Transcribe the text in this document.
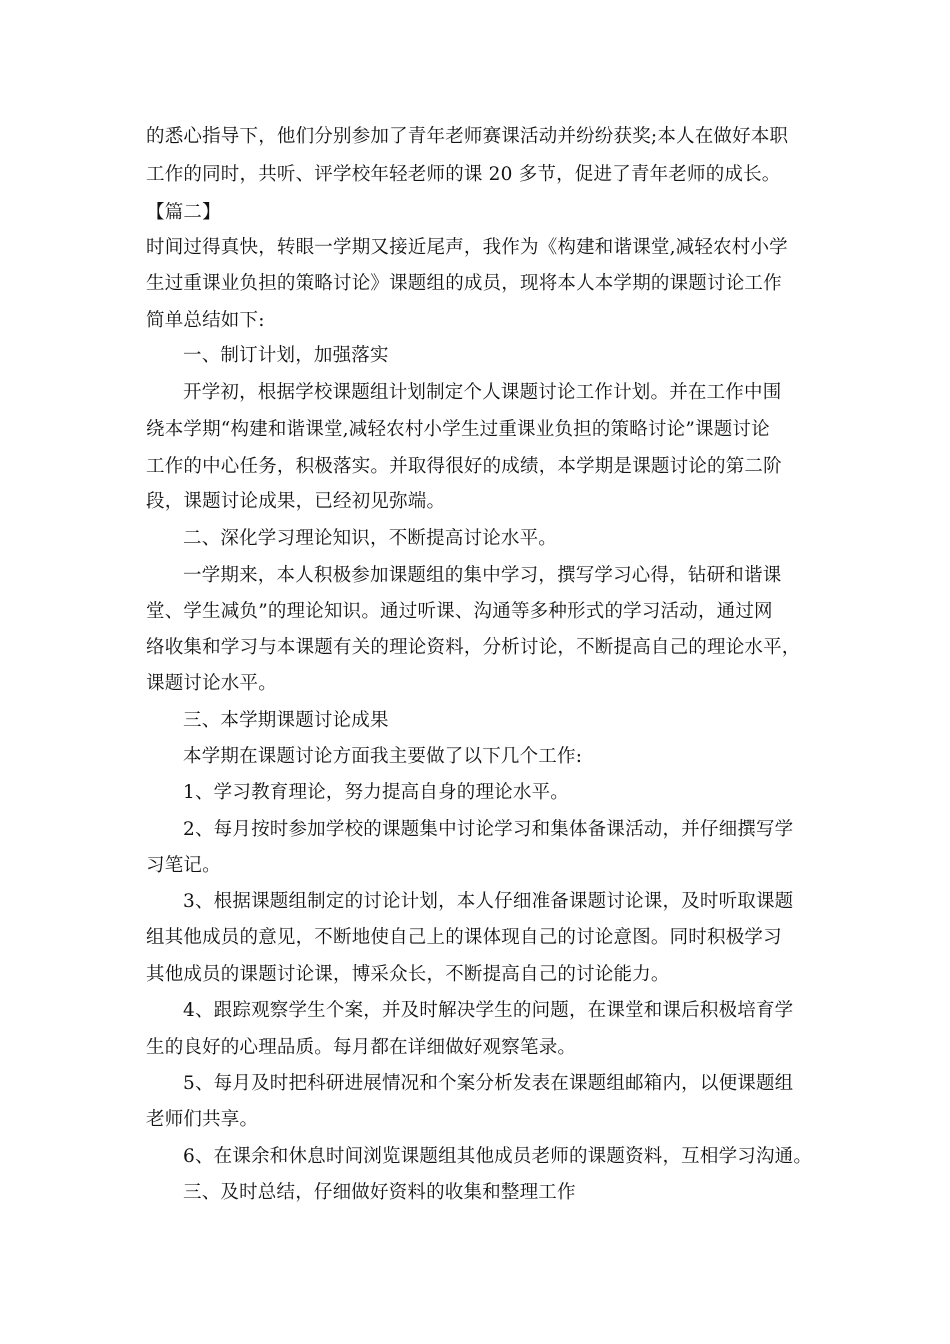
的悉心指导下，他们分别参加了青年老师赛课活动并纷纷获奖;本人在做好本职
工作的同时，共听、评学校年轻老师的课 20 多节，促进了青年老师的成长。
【篇二】
时间过得真快，转眼一学期又接近尾声，我作为《构建和谐课堂,减轻农村小学
生过重课业负担的策略讨论》课题组的成员，现将本人本学期的课题讨论工作
简单总结如下:
一、制订计划，加强落实
开学初，根据学校课题组计划制定个人课题讨论工作计划。并在工作中围
绕本学期“构建和谐课堂,减轻农村小学生过重课业负担的策略讨论”课题讨论
工作的中心任务，积极落实。并取得很好的成绩，本学期是课题讨论的第二阶
段，课题讨论成果，已经初见弥端。
二、深化学习理论知识，不断提高讨论水平。
一学期来，本人积极参加课题组的集中学习，撰写学习心得，钻研和谐课
堂、学生减负”的理论知识。通过听课、沟通等多种形式的学习活动，通过网
络收集和学习与本课题有关的理论资料，分析讨论，不断提高自己的理论水平，
课题讨论水平。
三、本学期课题讨论成果
本学期在课题讨论方面我主要做了以下几个工作:
1、学习教育理论，努力提高自身的理论水平。
2、每月按时参加学校的课题集中讨论学习和集体备课活动，并仔细撰写学
习笔记。
3、根据课题组制定的讨论计划，本人仔细准备课题讨论课，及时听取课题
组其他成员的意见，不断地使自己上的课体现自己的讨论意图。同时积极学习
其他成员的课题讨论课，博采众长，不断提高自己的讨论能力。
4、跟踪观察学生个案，并及时解决学生的问题，在课堂和课后积极培育学
生的良好的心理品质。每月都在详细做好观察笔录。
5、每月及时把科研进展情况和个案分析发表在课题组邮箱内，以便课题组
老师们共享。
6、在课余和休息时间浏览课题组其他成员老师的课题资料，互相学习沟通。
三、及时总结，仔细做好资料的收集和整理工作
